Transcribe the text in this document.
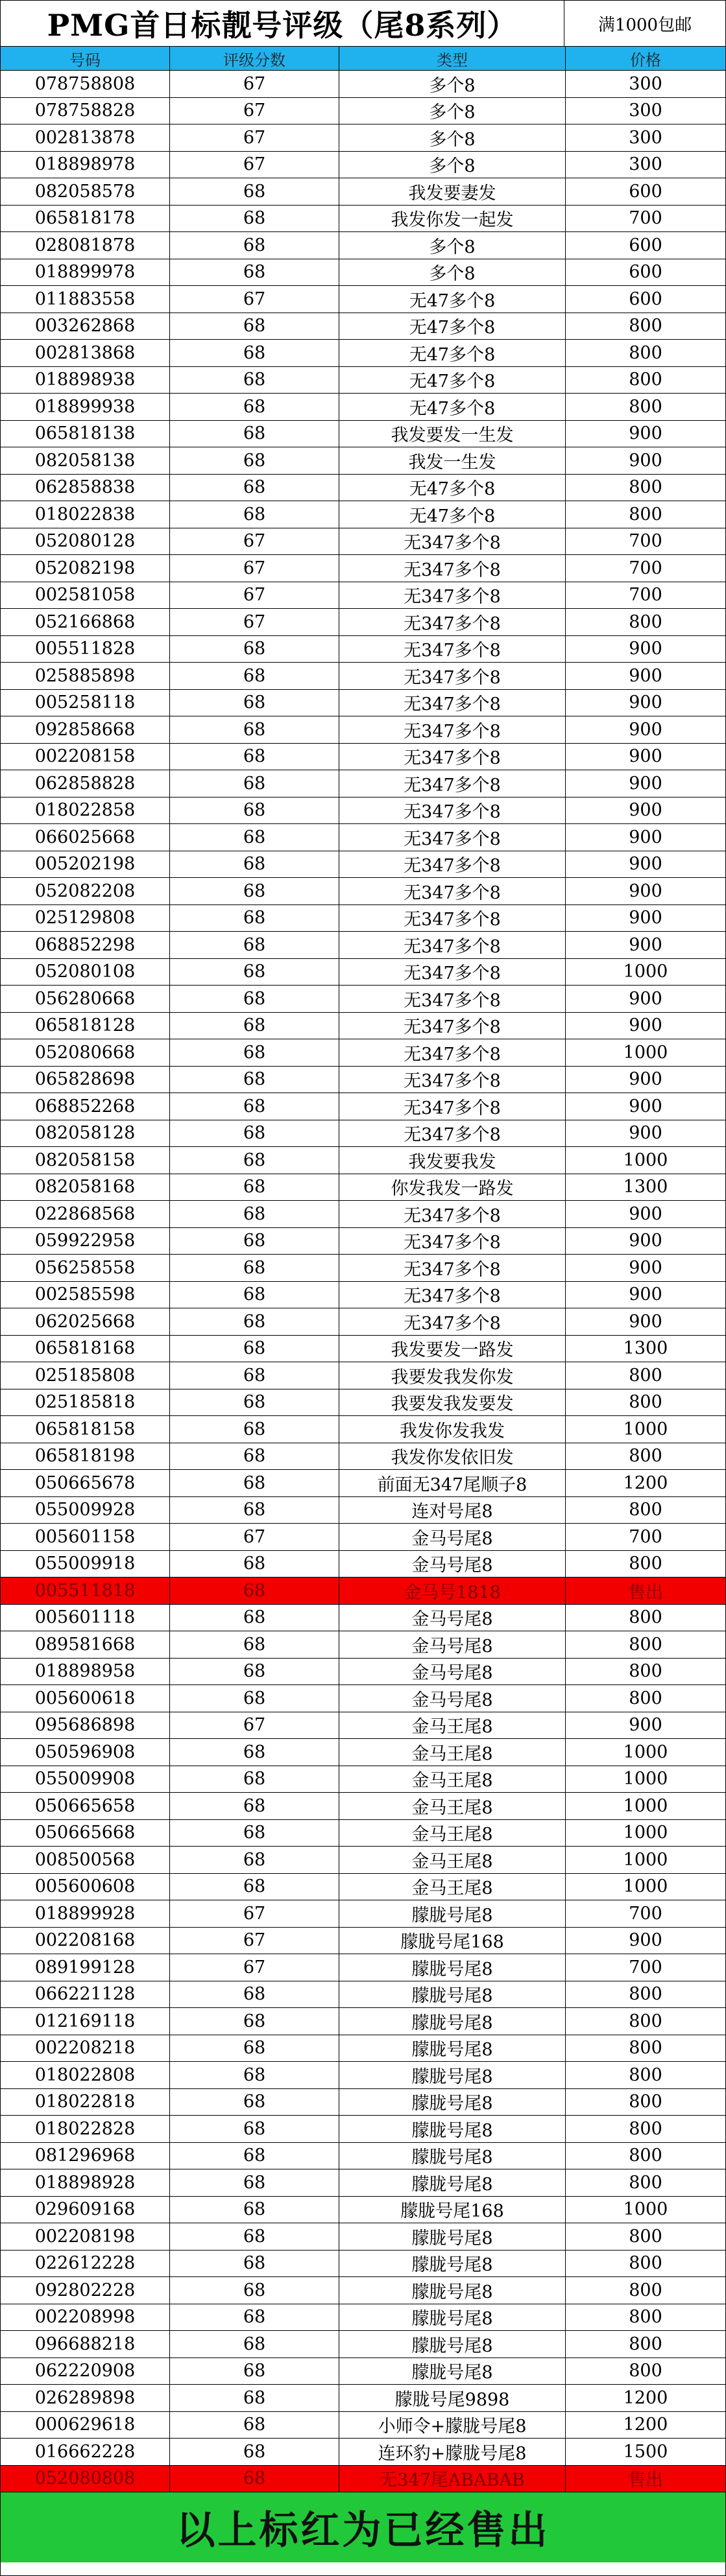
PMG首日标靓号评级（尾8系列）	满1000包邮
号码	评级分数	类型	价格
078758808	67	多个8	300
078758828	67	多个8	300
002813878	67	多个8	300
018898978	67	多个8	300
082058578	68	我发要妻发	600
065818178	68	我发你发一起发	700
028081878	68	多个8	600
018899978	68	多个8	600
011883558	67	无47多个8	600
003262868	68	无47多个8	800
002813868	68	无47多个8	800
018898938	68	无47多个8	800
018899938	68	无47多个8	800
065818138	68	我发要发一生发	900
082058138	68	我发一生发	900
062858838	68	无47多个8	800
018022838	68	无47多个8	800
052080128	67	无347多个8	700
052082198	67	无347多个8	700
002581058	67	无347多个8	700
052166868	67	无347多个8	800
005511828	68	无347多个8	900
025885898	68	无347多个8	900
005258118	68	无347多个8	900
092858668	68	无347多个8	900
002208158	68	无347多个8	900
062858828	68	无347多个8	900
018022858	68	无347多个8	900
066025668	68	无347多个8	900
005202198	68	无347多个8	900
052082208	68	无347多个8	900
025129808	68	无347多个8	900
068852298	68	无347多个8	900
052080108	68	无347多个8	1000
056280668	68	无347多个8	900
065818128	68	无347多个8	900
052080668	68	无347多个8	1000
065828698	68	无347多个8	900
068852268	68	无347多个8	900
082058128	68	无347多个8	900
082058158	68	我发要我发	1000
082058168	68	你发我发一路发	1300
022868568	68	无347多个8	900
059922958	68	无347多个8	900
056258558	68	无347多个8	900
002585598	68	无347多个8	900
062025668	68	无347多个8	900
065818168	68	我发要发一路发	1300
025185808	68	我要发我发你发	800
025185818	68	我要发我发要发	800
065818158	68	我发你发我发	1000
065818198	68	我发你发依旧发	800
050665678	68	前面无347尾顺子8	1200
055009928	68	连对号尾8	800
005601158	67	金马号尾8	700
055009918	68	金马号尾8	800
005511818	68	金马号1818	售出
005601118	68	金马号尾8	800
089581668	68	金马号尾8	800
018898958	68	金马号尾8	800
005600618	68	金马号尾8	800
095686898	67	金马王尾8	900
050596908	68	金马王尾8	1000
055009908	68	金马王尾8	1000
050665658	68	金马王尾8	1000
050665668	68	金马王尾8	1000
008500568	68	金马王尾8	1000
005600608	68	金马王尾8	1000
018899928	67	朦胧号尾8	700
002208168	67	朦胧号尾168	900
089199128	67	朦胧号尾8	700
066221128	68	朦胧号尾8	800
012169118	68	朦胧号尾8	800
002208218	68	朦胧号尾8	800
018022808	68	朦胧号尾8	800
018022818	68	朦胧号尾8	800
018022828	68	朦胧号尾8	800
081296968	68	朦胧号尾8	800
018898928	68	朦胧号尾8	800
029609168	68	朦胧号尾168	1000
002208198	68	朦胧号尾8	800
022612228	68	朦胧号尾8	800
092802228	68	朦胧号尾8	800
002208998	68	朦胧号尾8	800
096688218	68	朦胧号尾8	800
062220908	68	朦胧号尾8	800
026289898	68	朦胧号尾9898	1200
000629618	68	小师令+朦胧号尾8	1200
016662228	68	连环豹+朦胧号尾8	1500
052080808	68	无347尾ABABAB	售出
以上标红为已经售出
